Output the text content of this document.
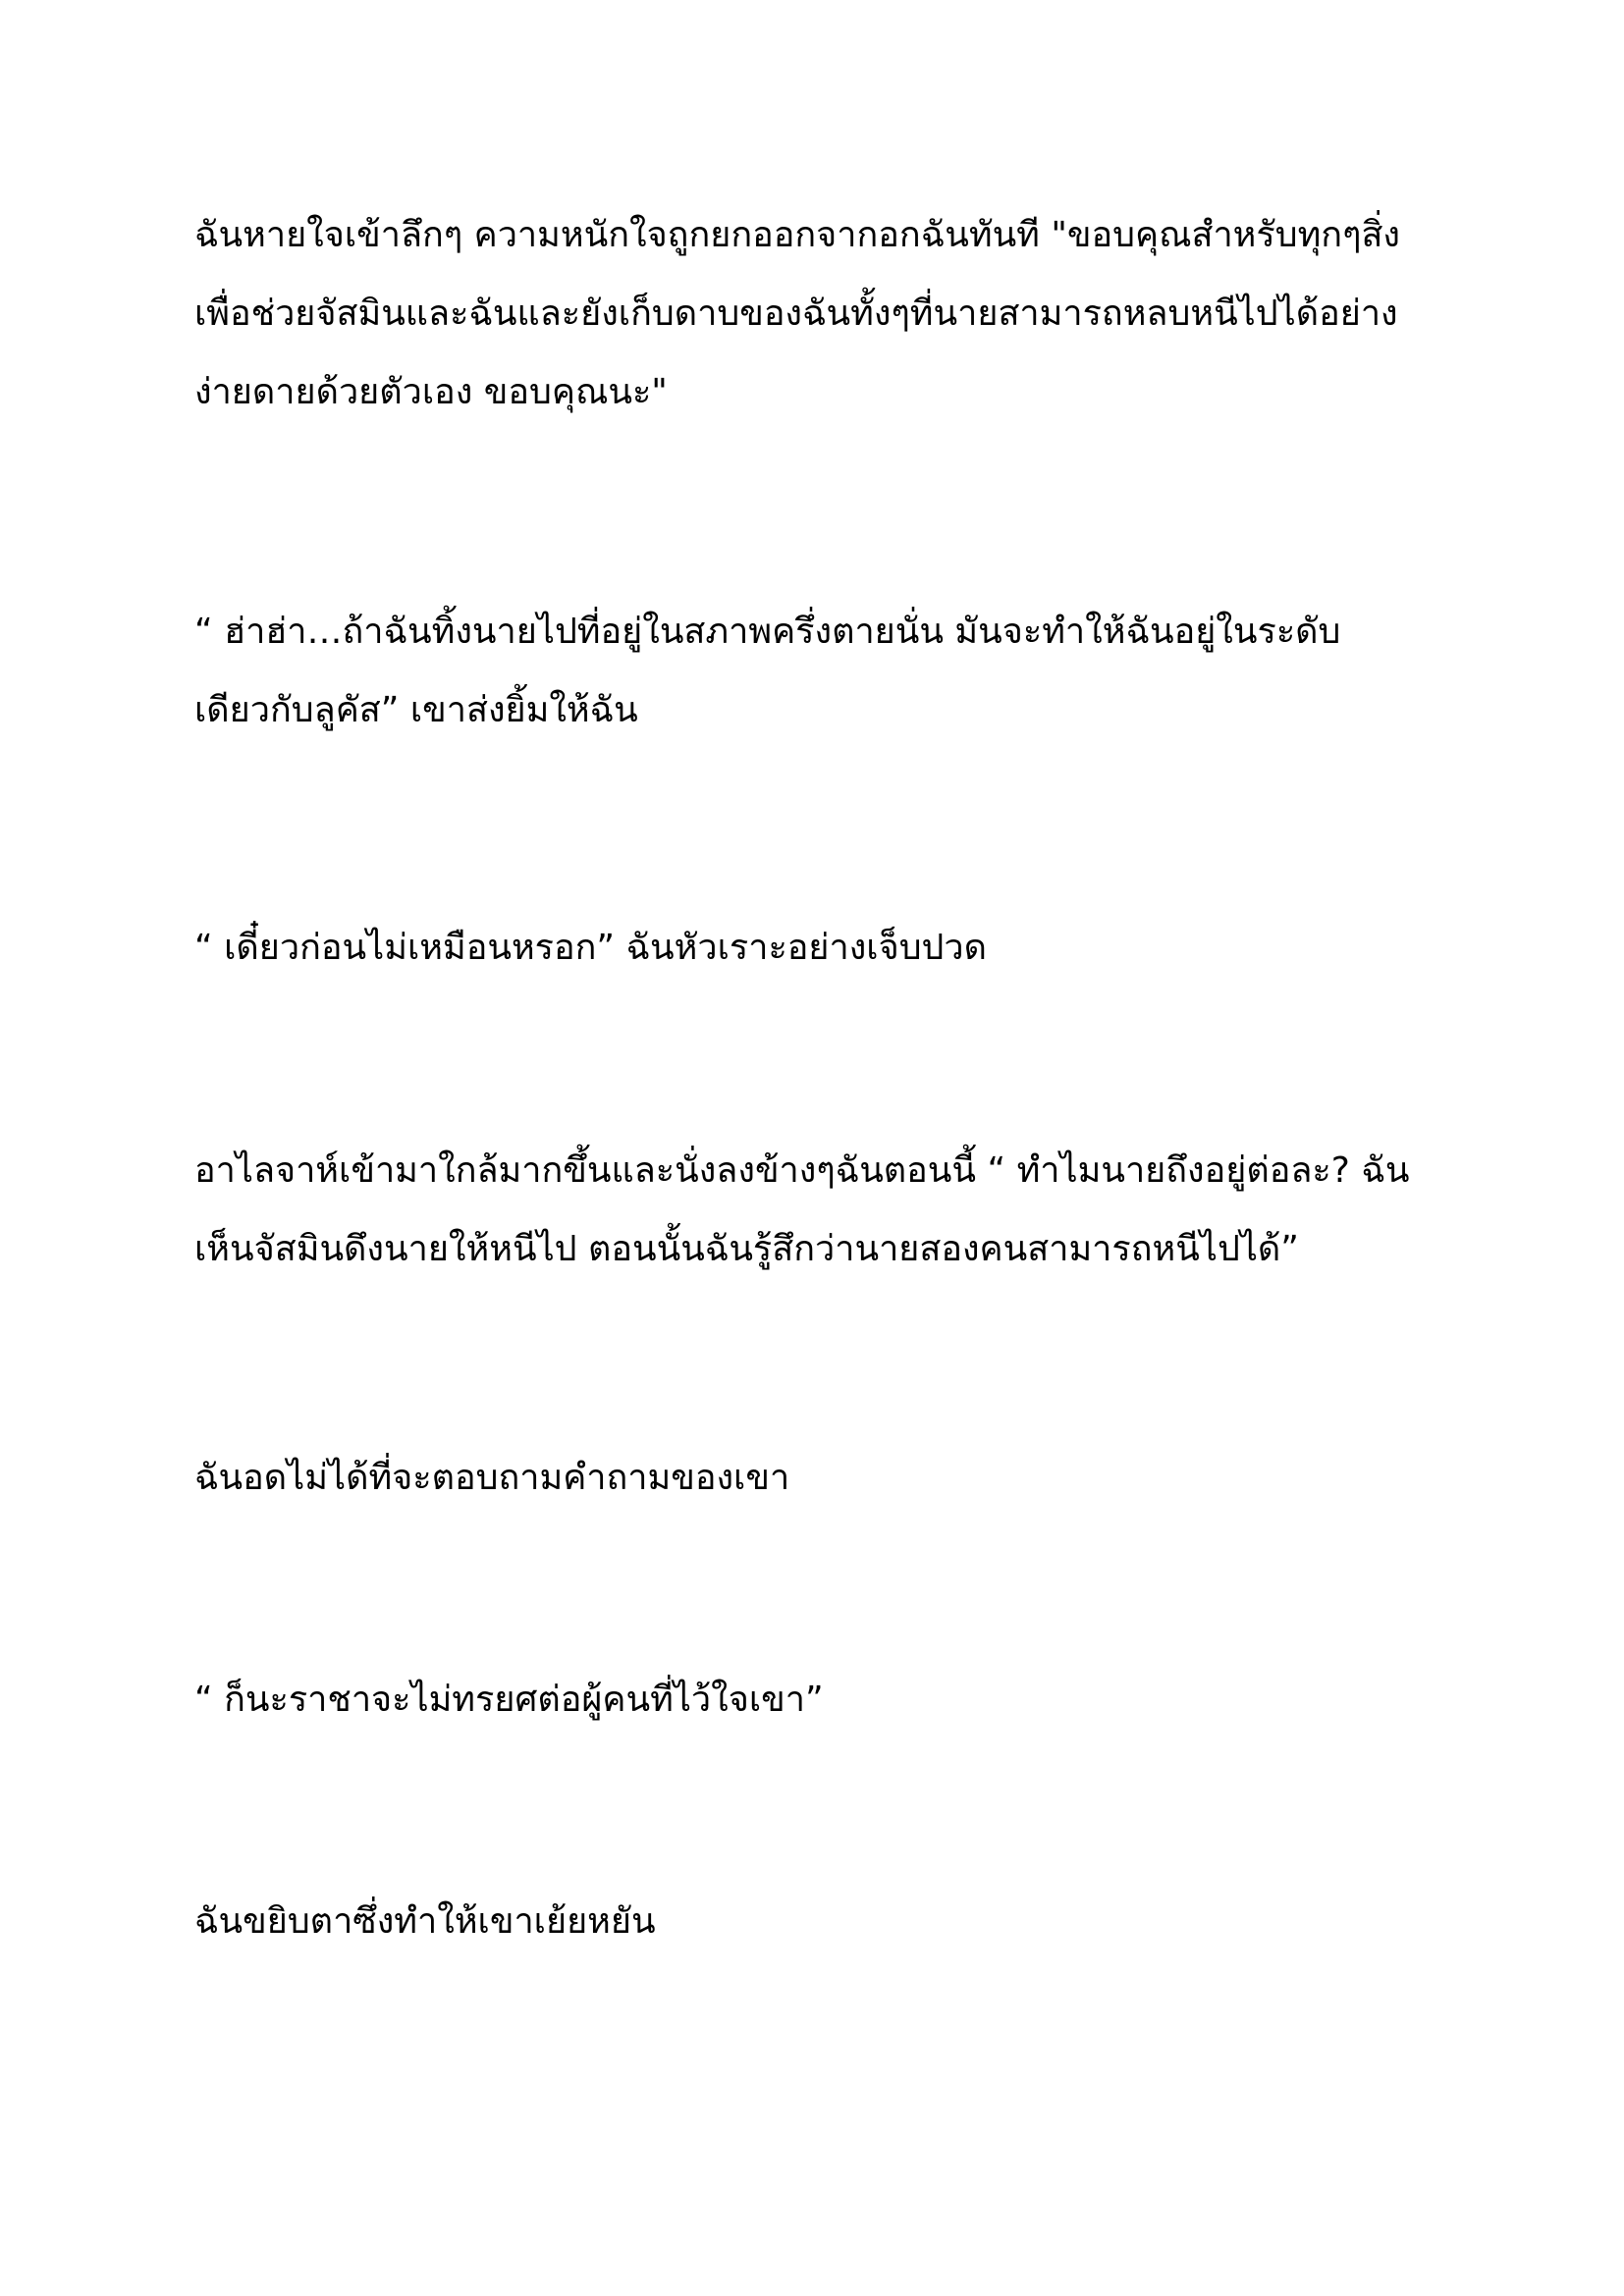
ฉันหายใจเข้าลึกๆ ความหนักใจถูกยกออกจากอกฉันทันที "ขอบคุณสำหรับทุกๆสิ่ง
เพื่อช่วยจัสมินและฉันและยังเก็บดาบของฉันทั้งๆที่นายสามารถหลบหนีไปได้อย่าง
ง่ายดายด้วยตัวเอง ขอบคุณนะ"
“ ฮ่าฮ่า…ถ้าฉันทิ้งนายไปที่อยู่ในสภาพครึ่งตายนั่น มันจะทำให้ฉันอยู่ในระดับ
เดียวกับลูคัส” เขาส่งยิ้มให้ฉัน
“ เดี๋ยวก่อนไม่เหมือนหรอก” ฉันหัวเราะอย่างเจ็บปวด
อาไลจาห์เข้ามาใกล้มากขึ้นและนั่งลงข้างๆฉันตอนนี้ “ ทำไมนายถึงอยู่ต่อละ? ฉัน
เห็นจัสมินดึงนายให้หนีไป ตอนนั้นฉันรู้สึกว่านายสองคนสามารถหนีไปได้”
ฉันอดไม่ได้ที่จะตอบถามคำถามของเขา
“ ก็นะราชาจะไม่ทรยศต่อผู้คนที่ไว้ใจเขา”
ฉันขยิบตาซึ่งทำให้เขาเย้ยหยัน
